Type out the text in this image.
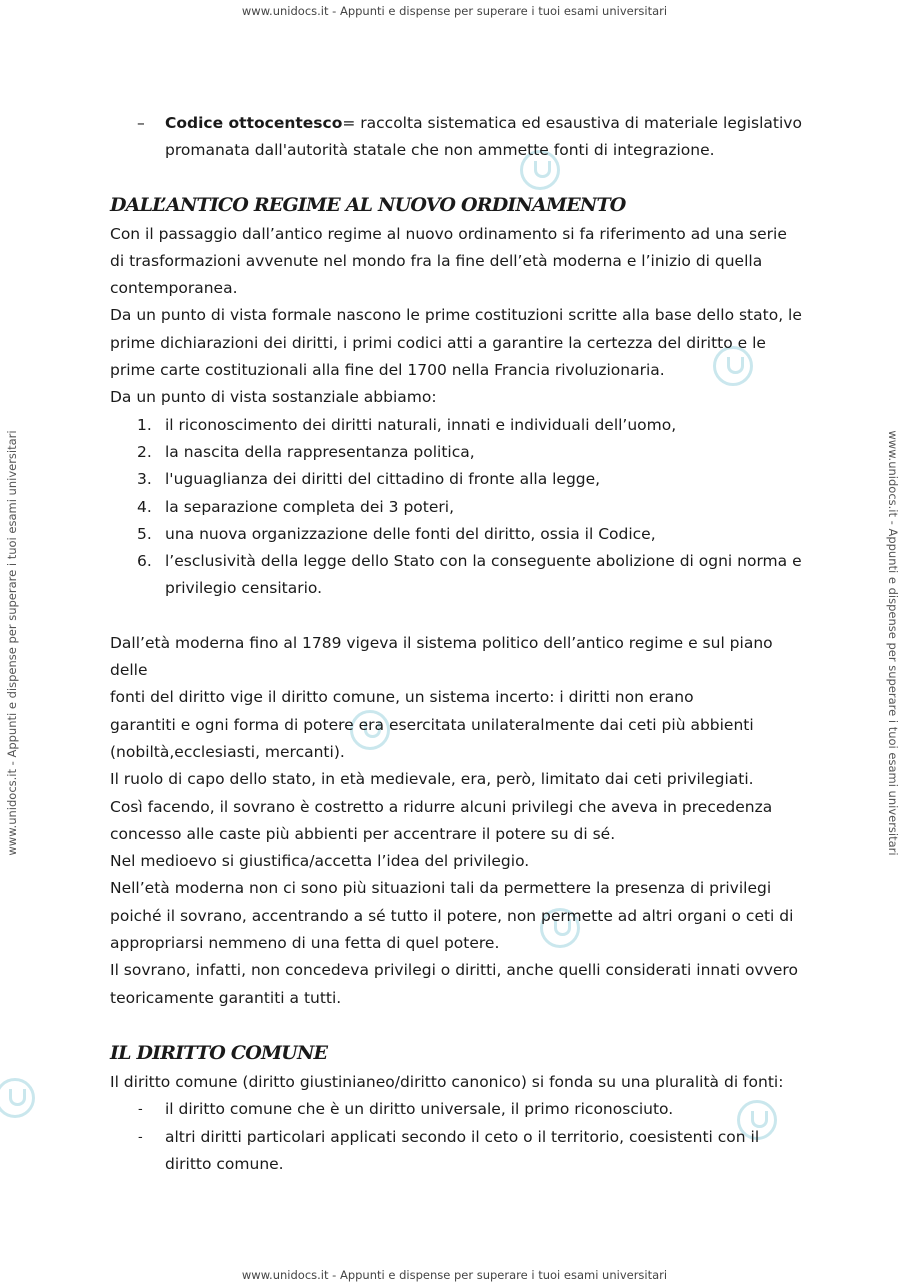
www.unidocs.it - Appunti e dispense per superare i tuoi esami universitari
www.unidocs.it - Appunti e dispense per superare i tuoi esami universitari
www.unidocs.it - Appunti e dispense per superare i tuoi esami universitari	www.unidocs.it - Appunti e dispense per superare i tuoi esami universitari
– Codice ottocentesco= raccolta sistematica ed esaustiva di materiale legislativo

promanata dall'autorità statale che non ammette fonti di integrazione.

DALL’ANTICO REGIME AL NUOVO ORDINAMENTO

Con il passaggio dall’antico regime al nuovo ordinamento si fa riferimento ad una serie

di trasformazioni avvenute nel mondo fra la fine dell’età moderna e l’inizio di quella

contemporanea.

Da un punto di vista formale nascono le prime costituzioni scritte alla base dello stato, le

prime dichiarazioni dei diritti, i primi codici atti a garantire la certezza del diritto e le

prime carte costituzionali alla fine del 1700 nella Francia rivoluzionaria.

Da un punto di vista sostanziale abbiamo:

1. il riconoscimento dei diritti naturali, innati e individuali dell’uomo,

2. la nascita della rappresentanza politica,

3. l'uguaglianza dei diritti del cittadino di fronte alla legge,

4. la separazione completa dei 3 poteri,

5. una nuova organizzazione delle fonti del diritto, ossia il Codice,

6. l’esclusività della legge dello Stato con la conseguente abolizione di ogni norma e

privilegio censitario.

Dall’età moderna fino al 1789 vigeva il sistema politico dell’antico regime e sul piano delle

fonti del diritto vige il diritto comune, un sistema incerto: i diritti non erano

garantiti e ogni forma di potere era esercitata unilateralmente dai ceti più abbienti

(nobiltà,ecclesiasti, mercanti).

Il ruolo di capo dello stato, in età medievale, era, però, limitato dai ceti privilegiati.

Così facendo, il sovrano è costretto a ridurre alcuni privilegi che aveva in precedenza

concesso alle caste più abbienti per accentrare il potere su di sé.

Nel medioevo si giustifica/accetta l’idea del privilegio.

Nell’età moderna non ci sono più situazioni tali da permettere la presenza di privilegi

poiché il sovrano, accentrando a sé tutto il potere, non permette ad altri organi o ceti di

appropriarsi nemmeno di una fetta di quel potere.

Il sovrano, infatti, non concedeva privilegi o diritti, anche quelli considerati innati ovvero

teoricamente garantiti a tutti.

IL DIRITTO COMUNE

Il diritto comune (diritto giustinianeo/diritto canonico) si fonda su una pluralità di fonti:

- il diritto comune che è un diritto universale, il primo riconosciuto.

- altri diritti particolari applicati secondo il ceto o il territorio, coesistenti con il

diritto comune.
